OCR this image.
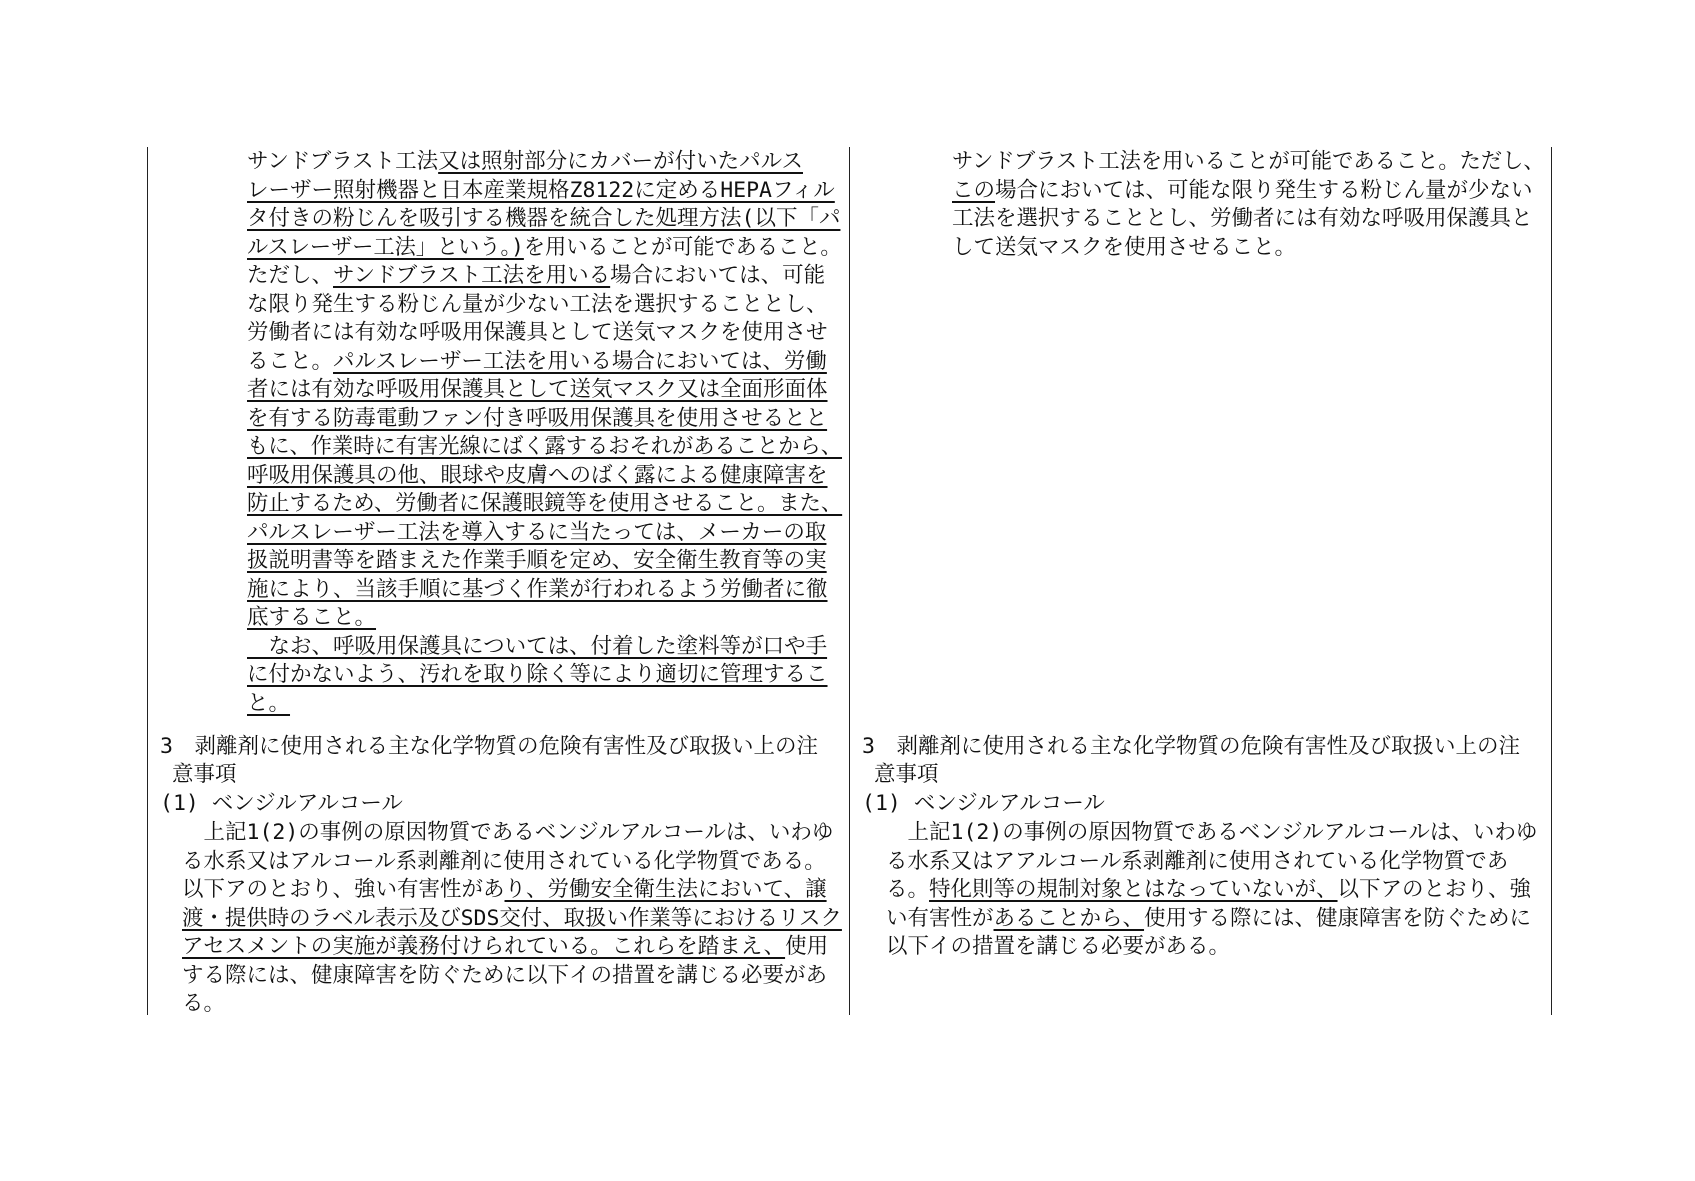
サンドブラスト工法又は照射部分にカバーが付いたパルス
レーザー照射機器と日本産業規格Z8122に定めるHEPAフィル
タ付きの粉じんを吸引する機器を統合した処理方法(以下「パ
ルスレーザー工法」という。)を用いることが可能であること。
ただし、サンドブラスト工法を用いる場合においては、可能
な限り発生する粉じん量が少ない工法を選択することとし、
労働者には有効な呼吸用保護具として送気マスクを使用させ
ること。パルスレーザー工法を用いる場合においては、労働
者には有効な呼吸用保護具として送気マスク又は全面形面体
を有する防毒電動ファン付き呼吸用保護具を使用させるとと
もに、作業時に有害光線にばく露するおそれがあることから、
呼吸用保護具の他、眼球や皮膚へのばく露による健康障害を
防止するため、労働者に保護眼鏡等を使用させること。また、
パルスレーザー工法を導入するに当たっては、メーカーの取
扱説明書等を踏まえた作業手順を定め、安全衛生教育等の実
施により、当該手順に基づく作業が行われるよう労働者に徹
底すること。
　なお、呼吸用保護具については、付着した塗料等が口や手
に付かないよう、汚れを取り除く等により適切に管理するこ
と。
3　剥離剤に使用される主な化学物質の危険有害性及び取扱い上の注
意事項
(1) ベンジルアルコール
　上記1(2)の事例の原因物質であるベンジルアルコールは、いわゆ
る水系又はアルコール系剥離剤に使用されている化学物質である。
以下アのとおり、強い有害性があり、労働安全衛生法において、譲
渡・提供時のラベル表示及びSDS交付、取扱い作業等におけるリスク
アセスメントの実施が義務付けられている。これらを踏まえ、使用
する際には、健康障害を防ぐために以下イの措置を講じる必要があ
る。
サンドブラスト工法を用いることが可能であること。ただし、
この場合においては、可能な限り発生する粉じん量が少ない
工法を選択することとし、労働者には有効な呼吸用保護具と
して送気マスクを使用させること。
3　剥離剤に使用される主な化学物質の危険有害性及び取扱い上の注
意事項
(1) ベンジルアルコール
　上記1(2)の事例の原因物質であるベンジルアルコールは、いわゆ
る水系又はアアルコール系剥離剤に使用されている化学物質であ
る。特化則等の規制対象とはなっていないが、以下アのとおり、強
い有害性があることから、使用する際には、健康障害を防ぐために
以下イの措置を講じる必要がある。
